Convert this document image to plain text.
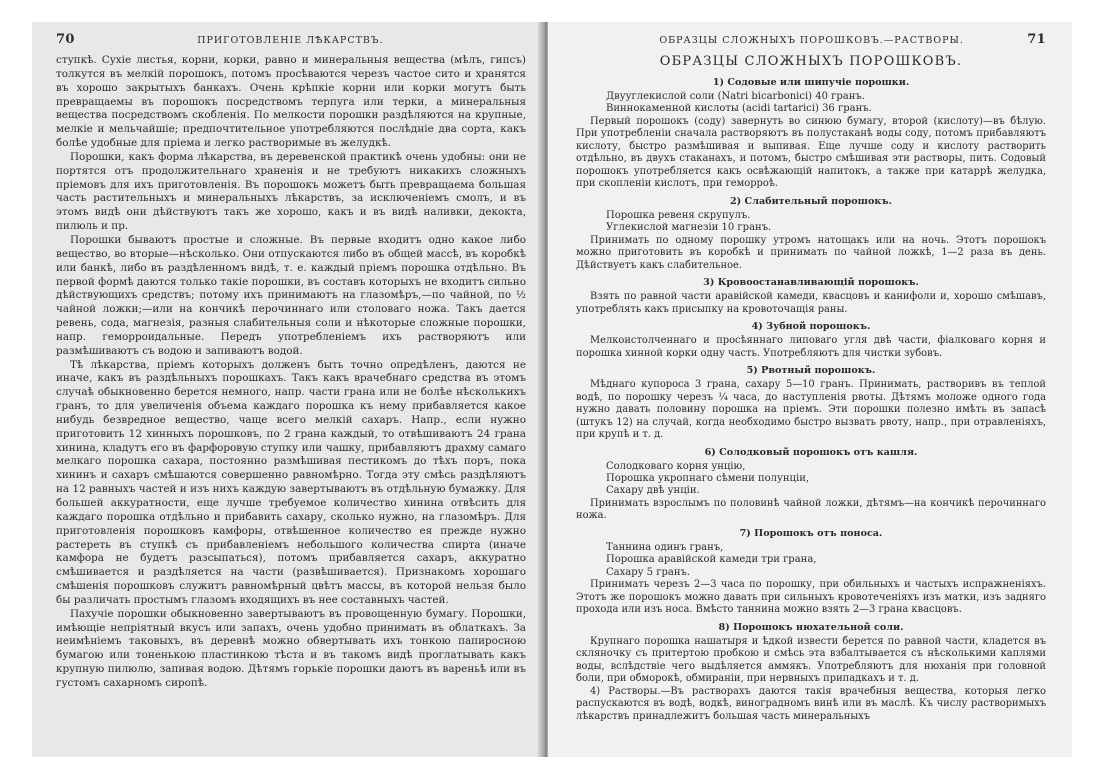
70	ПРИГОТОВЛЕНІЕ ЛѢКАРСТВЪ.

ступкѣ. Сухіе листья, корни, корки, равно и минеральныя вещества (мѣлъ, гипсъ) толкутся въ мелкій порошокъ, потомъ просѣваются черезъ частое сито и хранятся въ хорошо закрытыхъ банкахъ. Очень крѣпкіе корни или корки могутъ быть превращаемы въ порошокъ посредствомъ терпуга или терки, а минеральныя вещества посредствомъ скобленія. По мелкости порошки раздѣляются на крупные, мелкіе и мельчайшіе; предпочтительное употребляются послѣдніе два сорта, какъ болѣе удобные для пріема и легко растворимые въ желудкѣ.

Порошки, какъ форма лѣкарства, въ деревенской практикѣ очень удобны: они не портятся отъ продолжительнаго храненія и не требуютъ никакихъ сложныхъ пріемовъ для ихъ приготовленія. Въ порошокъ можетъ быть превращаема большая часть растительныхъ и минеральныхъ лѣкарствъ, за исключеніемъ смолъ, и въ этомъ видѣ они дѣйствуютъ такъ же хорошо, какъ и въ видѣ наливки, декокта, пилюль и пр.

Порошки бываютъ простые и сложные. Въ первые входитъ одно какое либо вещество, во вторые—нѣсколько. Они отпускаются либо въ общей массѣ, въ коробкѣ или банкѣ, либо въ раздѣленномъ видѣ, т. е. каждый пріемъ порошка отдѣльно. Въ первой формѣ даются только такіе порошки, въ составъ которыхъ не входитъ сильно дѣйствующихъ средствъ; потому ихъ принимаютъ на глазомѣръ,—по чайной, по ½ чайной ложки;—или на кончикѣ перочиннаго или столоваго ножа. Такъ дается ревень, сода, магнезія, разныя слабительныя соли и нѣкоторые сложные порошки, напр. геморроидальные. Передъ употребленіемъ ихъ растворяютъ или размѣшиваютъ съ водою и запиваютъ водой.

Тѣ лѣкарства, пріемъ которыхъ долженъ быть точно опредѣленъ, даются не иначе, какъ въ раздѣльныхъ порошкахъ. Такъ какъ врачебнаго средства въ этомъ случаѣ обыкновенно берется немного, напр. части грана или не болѣе нѣсколькихъ гранъ, то для увеличенія объема каждаго порошка къ нему прибавляется какое нибудь безвредное вещество, чаще всего мелкій сахаръ. Напр., если нужно приготовить 12 хинныхъ порошковъ, по 2 грана каждый, то отвѣшиваютъ 24 грана хинина, кладутъ его въ фарфоровую ступку или чашку, прибавляютъ драхму самаго мелкаго порошка сахара, постоянно размѣшивая пестикомъ до тѣхъ поръ, пока хининъ и сахаръ смѣшаются совершенно равномѣрно. Тогда эту смѣсь раздѣляютъ на 12 равныхъ частей и изъ нихъ каждую завертываютъ въ отдѣльную бумажку. Для большей аккуратности, еще лучше требуемое количество хинина отвѣсить для каждаго порошка отдѣльно и прибавить сахару, сколько нужно, на глазомѣръ. Для приготовленія порошковъ камфоры, отвѣшенное количество ея прежде нужно растереть въ ступкѣ съ прибавленіемъ небольшого количества спирта (иначе камфора не будетъ разсыпаться), потомъ прибавляется сахаръ, аккуратно смѣшивается и раздѣляется на части (развѣшивается). Признакомъ хорошаго смѣшенія порошковъ служитъ равномѣрный цвѣтъ массы, въ которой нельзя было бы различать простымъ глазомъ входящихъ въ нее составныхъ частей.

Пахучіе порошки обыкновенно завертываютъ въ провощенную бумагу. Порошки, имѣющіе непріятный вкусъ или запахъ, очень удобно принимать въ облаткахъ. За неимѣніемъ таковыхъ, въ деревнѣ можно обвертывать ихъ тонкою папиросною бумагою или тоненькою пластинкою тѣста и въ такомъ видѣ проглатывать какъ крупную пилюлю, запивая водою. Дѣтямъ горькіе порошки даютъ въ вареньѣ или въ густомъ сахарномъ сиропѣ.

ОБРАЗЦЫ СЛОЖНЫХЪ ПОРОШКОВЪ.—РАСТВОРЫ.	71
ОБРАЗЦЫ СЛОЖНЫХЪ ПОРОШКОВЪ.
1) Содовые или шипучіе порошки.
Двууглекислой соли (Natri bicarbonici) 40 гранъ.
Виннокаменной кислоты (acidi tartarici) 36 гранъ.

Первый порошокъ (соду) завернуть во синюю бумагу, второй (кислоту)—въ бѣлую. При употребленіи сначала растворяютъ въ полустаканѣ воды соду, потомъ прибавляютъ кислоту, быстро размѣшивая и выпивая. Еще лучше соду и кислоту растворить отдѣльно, въ двухъ стаканахъ, и потомъ, быстро смѣшивая эти растворы, пить. Содовый порошокъ употребляется какъ освѣжающій напитокъ, а также при катаррѣ желудка, при скопленіи кислотъ, при геморроѣ.

2) Слабительный порошокъ.
Порошка ревеня скрупулъ.
Углекислой магнезіи 10 гранъ.

Принимать по одному порошку утромъ натощакъ или на ночь. Этотъ порошокъ можно приготовить въ коробкѣ и принимать по чайной ложкѣ, 1—2 раза въ день. Дѣйствуетъ какъ слабительное.

3) Кровоостанавливающій порошокъ.

Взять по равной части аравійской камеди, квасцовъ и канифоли и, хорошо смѣшавъ, употреблять какъ присыпку на кровоточащія раны.

4) Зубной порошокъ.

Мелкоистолченнаго и просѣяннаго липоваго угля двѣ части, фіалковаго корня и порошка хинной корки одну часть. Употребляютъ для чистки зубовъ.

5) Рвотный порошокъ.

Мѣднаго купороса 3 грана, сахару 5—10 гранъ. Принимать, растворивъ въ теплой водѣ, по порошку черезъ ¼ часа, до наступленія рвоты. Дѣтямъ моложе одного года нужно давать половину порошка на пріемъ. Эти порошки полезно имѣть въ запасѣ (штукъ 12) на случай, когда необходимо быстро вызвать рвоту, напр., при отравленіяхъ, при крупѣ и т. д.

6) Солодковый порошокъ отъ кашля.
Солодковаго корня унцію,
Порошка укропнаго сѣмени полунціи,
Сахару двѣ унціи.

Принимать взрослымъ по половинѣ чайной ложки, дѣтямъ—на кончикѣ перочиннаго ножа.

7) Порошокъ отъ поноса.
Таннина одинъ гранъ,
Порошка аравійской камеди три грана,
Сахару 5 гранъ.

Принимать черезъ 2—3 часа по порошку, при обильныхъ и частыхъ испражненіяхъ. Этотъ же порошокъ можно давать при сильныхъ кровотеченіяхъ изъ матки, изъ задняго прохода или изъ носа. Вмѣсто таннина можно взять 2—3 грана квасцовъ.

8) Порошокъ нюхательной соли.

Крупнаго порошка нашатыря и ѣдкой извести берется по равной части, кладется въ скляночку съ притертою пробкою и смѣсь эта взбалтывается съ нѣсколькими каплями воды, вслѣдствіе чего выдѣляется аммякъ. Употребляютъ для нюханія при головной боли, при обморокѣ, обмираніи, при нервныхъ припадкахъ и т. д.

4) Растворы.—Въ растворахъ даются такія врачебныя вещества, которыя легко распускаются въ водѣ, водкѣ, виноградномъ винѣ или въ маслѣ. Къ числу растворимыхъ лѣкарствъ принадлежитъ большая часть минеральныхъ
